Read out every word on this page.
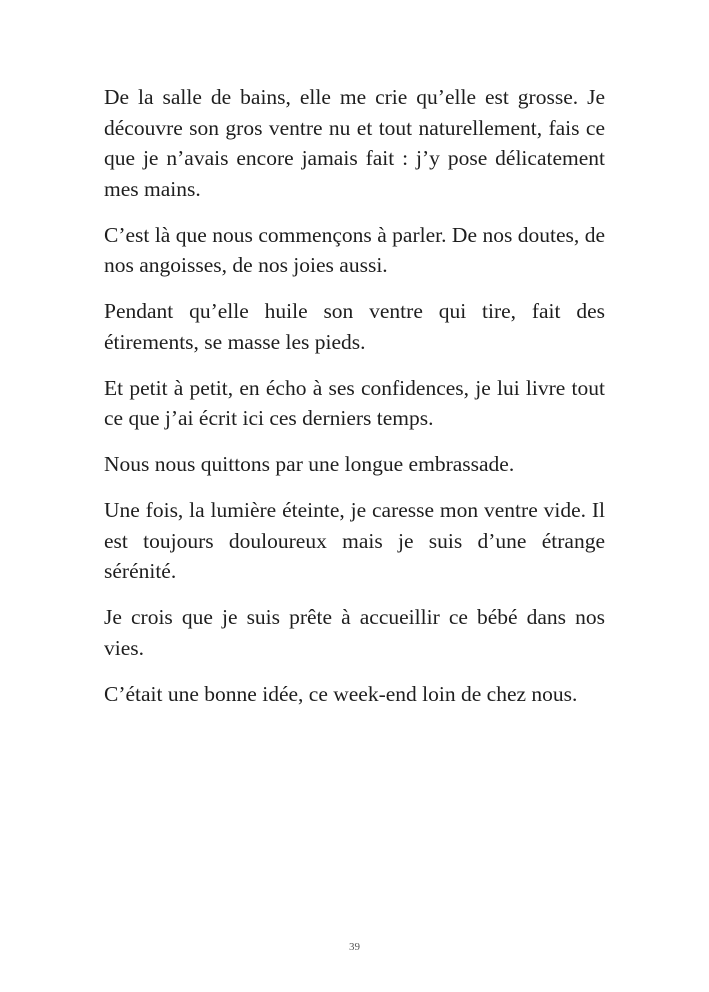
De la salle de bains, elle me crie qu’elle est grosse. Je découvre son gros ventre nu et tout naturellement, fais ce que je n’avais encore jamais fait : j’y pose délicatement mes mains.

C’est là que nous commençons à parler. De nos doutes, de nos angoisses, de nos joies aussi.

Pendant qu’elle huile son ventre qui tire, fait des étirements, se masse les pieds.

Et petit à petit, en écho à ses confidences, je lui livre tout ce que j’ai écrit ici ces derniers temps.

Nous nous quittons par une longue embrassade.

Une fois, la lumière éteinte, je caresse mon ventre vide. Il est toujours douloureux mais je suis d’une étrange sérénité.

Je crois que je suis prête à accueillir ce bébé dans nos vies.

C’était une bonne idée, ce week-end loin de chez nous.

39
